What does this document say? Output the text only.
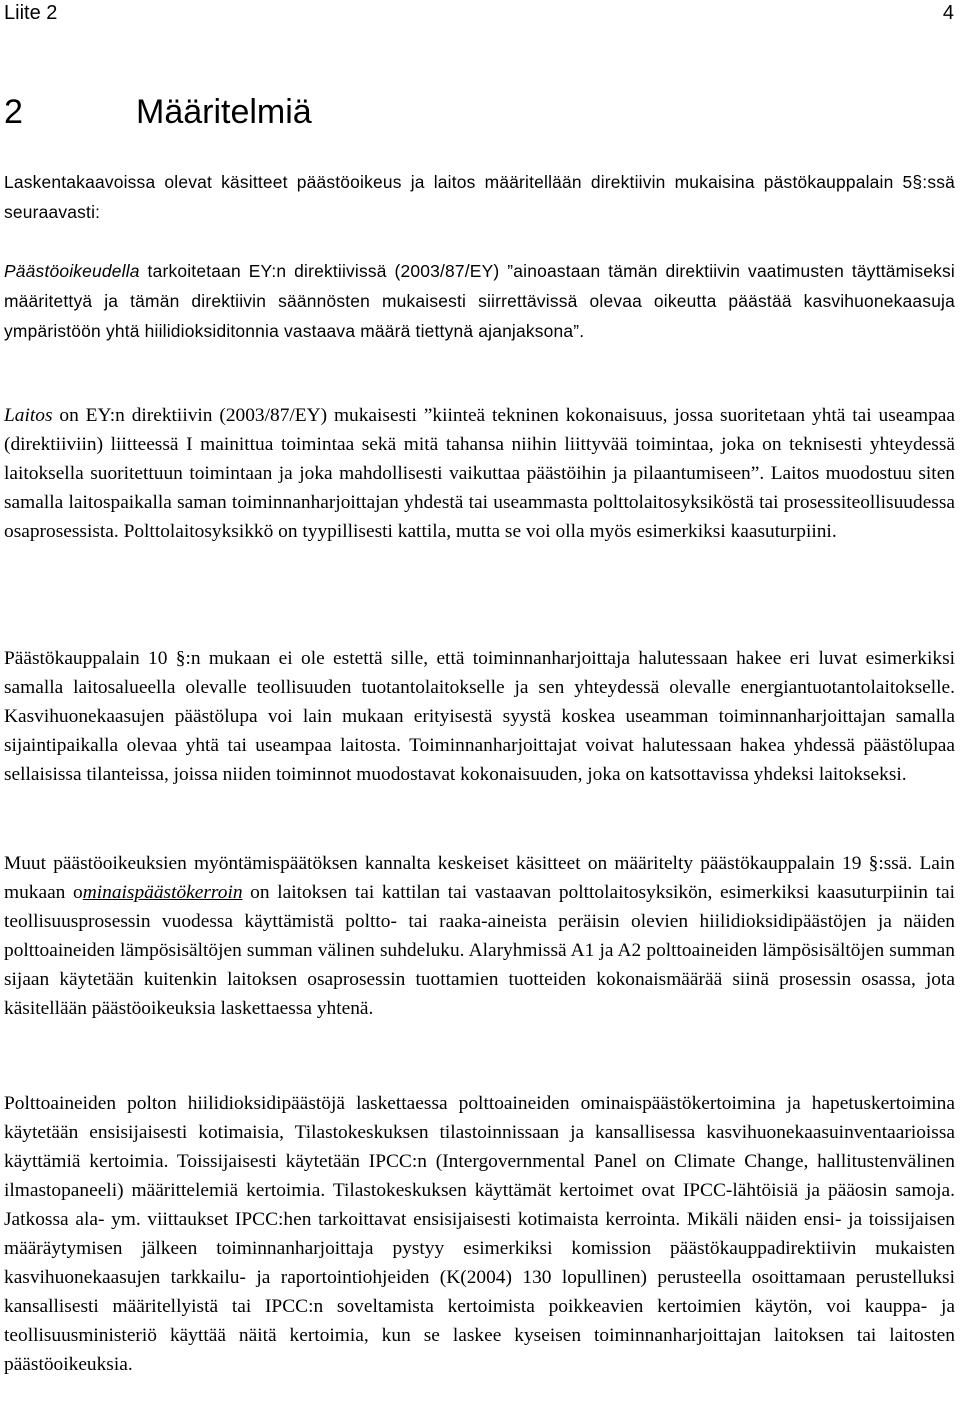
Liite 2	4
2	Määritelmiä

Laskentakaavoissa olevat käsitteet päästöoikeus ja laitos määritellään direktiivin mukaisina pästökauppalain 5§:ssä seuraavasti:

Päästöoikeudella tarkoitetaan EY:n direktiivissä (2003/87/EY) ”ainoastaan tämän direktiivin vaatimusten täyttämiseksi määritettyä ja tämän direktiivin säännösten mukaisesti siirrettävissä olevaa oikeutta päästää kasvihuonekaasuja ympäristöön yhtä hiilidioksiditonnia vastaava määrä tiettynä ajanjaksona”.

Laitos on EY:n direktiivin (2003/87/EY) mukaisesti ”kiinteä tekninen kokonaisuus, jossa suoritetaan yhtä tai useampaa (direktiiviin) liitteessä I mainittua toimintaa sekä mitä tahansa niihin liittyvää toimintaa, joka on teknisesti yhteydessä laitoksella suoritettuun toimintaan ja joka mahdollisesti vaikuttaa päästöihin ja pilaantumiseen”. Laitos muodostuu siten samalla laitospaikalla saman toiminnanharjoittajan yhdestä tai useammasta polttolaitosyksiköstä tai prosessiteollisuudessa osaprosessista. Polttolaitosyksikkö on tyypillisesti kattila, mutta se voi olla myös esimerkiksi kaasuturpiini.

Päästökauppalain 10 §:n mukaan ei ole estettä sille, että toiminnanharjoittaja halutessaan hakee eri luvat esimerkiksi samalla laitosalueella olevalle teollisuuden tuotantolaitokselle ja sen yhteydessä olevalle energiantuotantolaitokselle. Kasvihuonekaasujen päästölupa voi lain mukaan erityisestä syystä koskea useamman toiminnanharjoittajan samalla sijaintipaikalla olevaa yhtä tai useampaa laitosta. Toiminnanharjoittajat voivat halutessaan hakea yhdessä päästölupaa sellaisissa tilanteissa, joissa niiden toiminnot muodostavat kokonaisuuden, joka on katsottavissa yhdeksi laitokseksi.

Muut päästöoikeuksien myöntämispäätöksen kannalta keskeiset käsitteet on määritelty päästökauppalain 19 §:ssä. Lain mukaan ominaispäästökerroin on laitoksen tai kattilan tai vastaavan polttolaitosyksikön, esimerkiksi kaasuturpiinin tai teollisuusprosessin vuodessa käyttämistä poltto- tai raaka-aineista peräisin olevien hiilidioksidipäästöjen ja näiden polttoaineiden lämpösisältöjen summan välinen suhdeluku. Alaryhmissä A1 ja A2 polttoaineiden lämpösisältöjen summan sijaan käytetään kuitenkin laitoksen osaprosessin tuottamien tuotteiden kokonaismäärää siinä prosessin osassa, jota käsitellään päästöoikeuksia laskettaessa yhtenä.

Polttoaineiden polton hiilidioksidipäästöjä laskettaessa polttoaineiden ominaispäästökertoimina ja hapetuskertoimina käytetään ensisijaisesti kotimaisia, Tilastokeskuksen tilastoinnissaan ja kansallisessa kasvihuonekaasuinventaarioissa käyttämiä kertoimia. Toissijaisesti käytetään IPCC:n (Intergovernmental Panel on Climate Change, hallitustenvälinen ilmastopaneeli) määrittelemiä kertoimia. Tilastokeskuksen käyttämät kertoimet ovat IPCC-lähtöisiä ja pääosin samoja. Jatkossa ala- ym. viittaukset IPCC:hen tarkoittavat ensisijaisesti kotimaista kerrointa. Mikäli näiden ensi- ja toissijaisen määräytymisen jälkeen toiminnanharjoittaja pystyy esimerkiksi komission päästökauppadirektiivin mukaisten kasvihuonekaasujen tarkkailu- ja raportointiohjeiden (K(2004) 130 lopullinen) perusteella osoittamaan perustelluksi kansallisesti määritellyistä tai IPCC:n soveltamista kertoimista poikkeavien kertoimien käytön, voi kauppa- ja teollisuusministeriö käyttää näitä kertoimia, kun se laskee kyseisen toiminnanharjoittajan laitoksen tai laitosten päästöoikeuksia.
